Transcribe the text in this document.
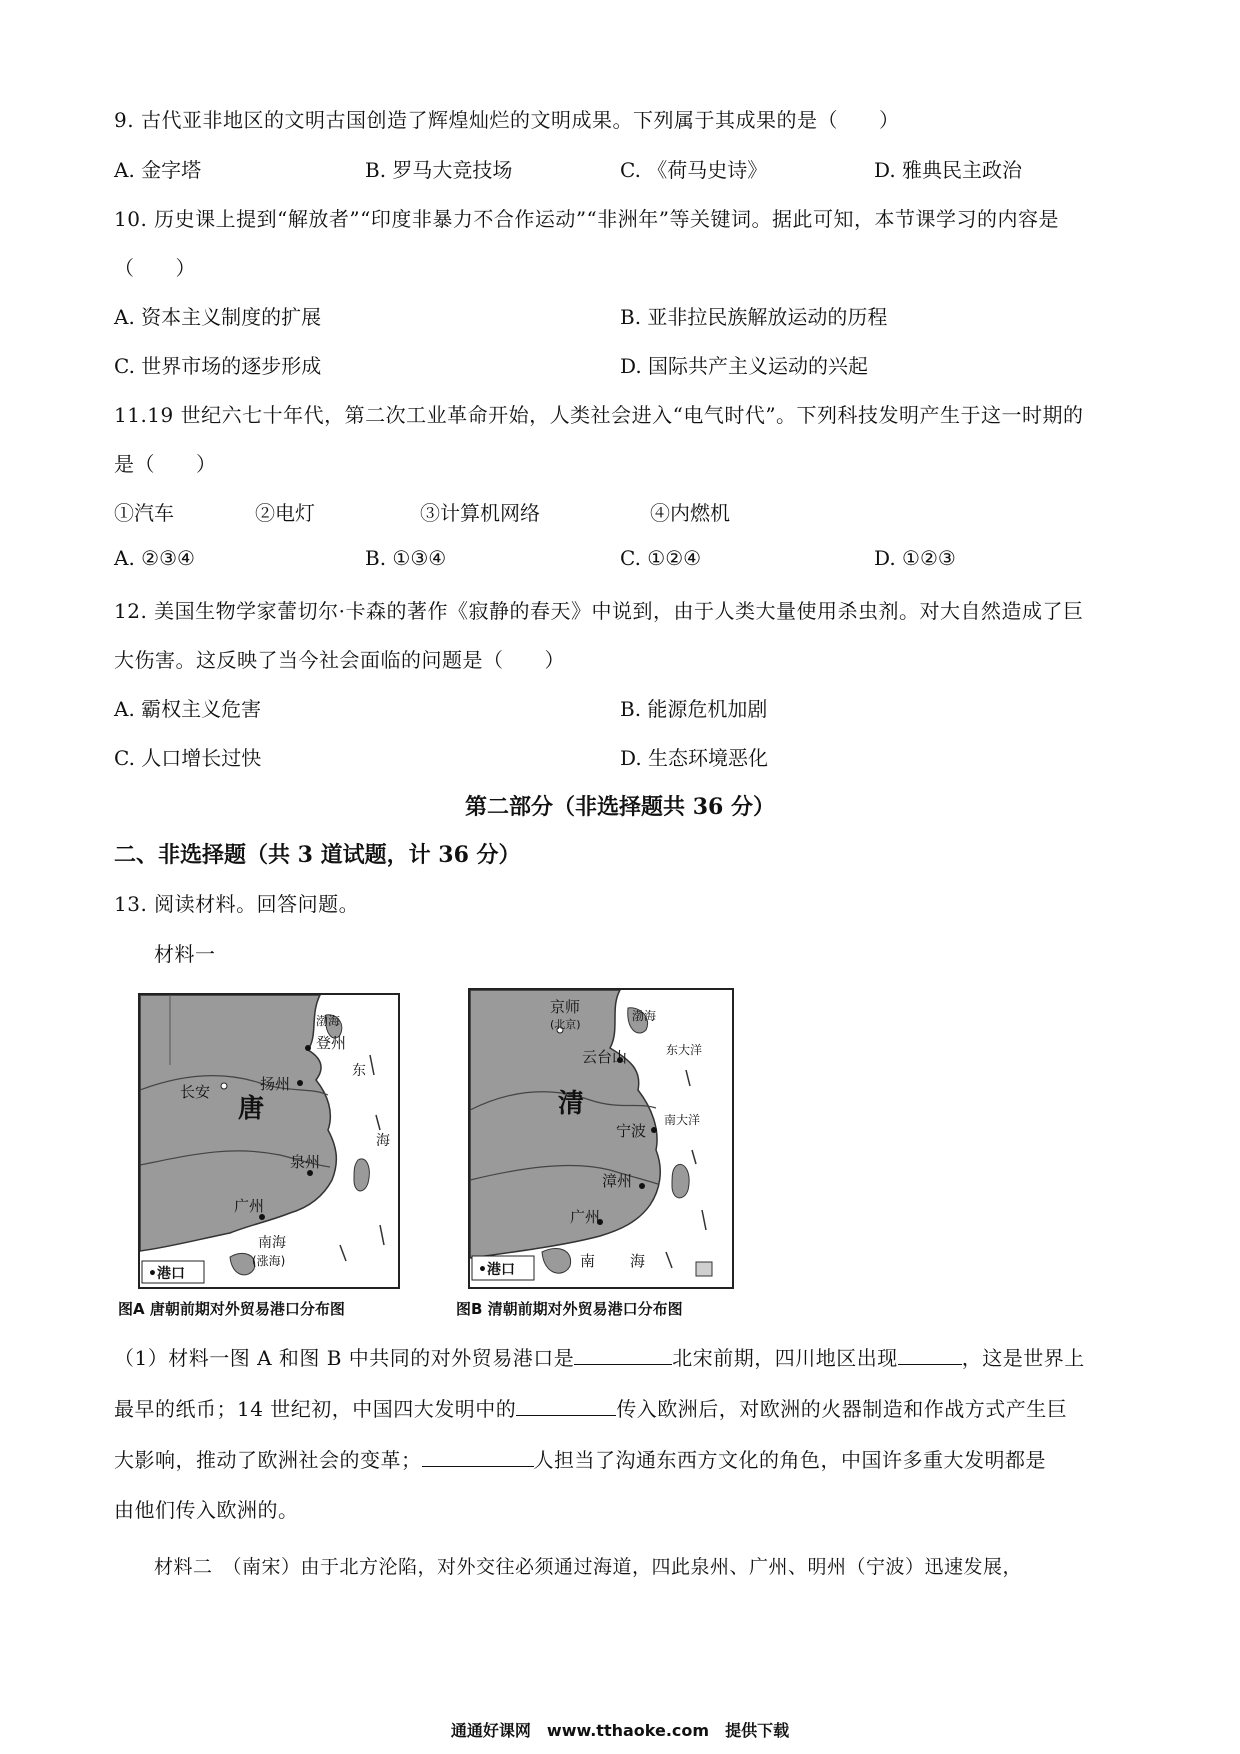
9. 古代亚非地区的文明古国创造了辉煌灿烂的文明成果。下列属于其成果的是（　　）
A. 金字塔	B. 罗马大竞技场	C. 《荷马史诗》	D. 雅典民主政治
10. 历史课上提到“解放者”“印度非暴力不合作运动”“非洲年”等关键词。据此可知，本节课学习的内容是
（　　）
A. 资本主义制度的扩展	B. 亚非拉民族解放运动的历程
C. 世界市场的逐步形成	D. 国际共产主义运动的兴起
11.19 世纪六七十年代，第二次工业革命开始，人类社会进入“电气时代”。下列科技发明产生于这一时期的
是（　　）
①汽车	②电灯	③计算机网络	④内燃机
A. ②③④	B. ①③④	C. ①②④	D. ①②③
12. 美国生物学家蕾切尔·卡森的著作《寂静的春天》中说到，由于人类大量使用杀虫剂。对大自然造成了巨
大伤害。这反映了当今社会面临的问题是（　　）
A. 霸权主义危害	B. 能源危机加剧
C. 人口增长过快	D. 生态环境恶化
第二部分（非选择题共 36 分）
二、非选择题（共 3 道试题，计 36 分）
13. 阅读材料。回答问题。
材料一
长安
唐
登州
扬州
泉州
广州
渤海
东
海
南海
(涨海)
•港口
图A 唐朝前期对外贸易港口分布图
京师
(北京)
云台山
清
宁波
漳州
广州
渤海
东大洋
南大洋
南 海
•港口
图B 清朝前期对外贸易港口分布图
（1）材料一图 A 和图 B 中共同的对外贸易港口是	北宋前期，四川地区出现	，这是世界上
最早的纸币；14 世纪初，中国四大发明中的	传入欧洲后，对欧洲的火器制造和作战方式产生巨
大影响，推动了欧洲社会的变革；	人担当了沟通东西方文化的角色，中国许多重大发明都是
由他们传入欧洲的。
材料二　（南宋）由于北方沦陷，对外交往必须通过海道，四此泉州、广州、明州（宁波）迅速发展，
通通好课网　www.tthaoke.com　提供下载
